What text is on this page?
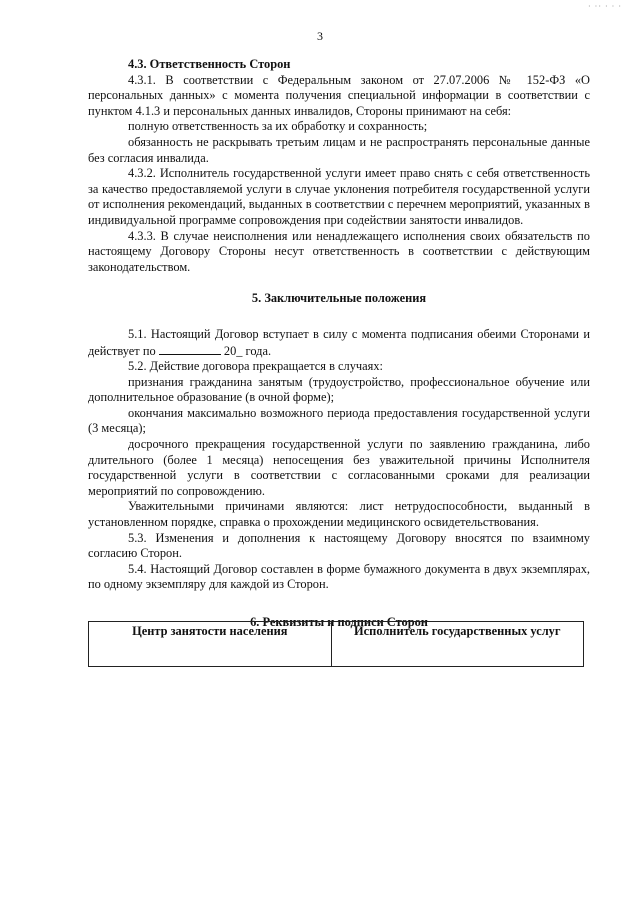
· ·· · · ·
3

4.3. Ответственность Сторон

4.3.1. В соответствии с Федеральным законом от 27.07.2006 № 152-ФЗ «О персональных данных» с момента получения специальной информации в соответствии с пунктом 4.1.3 и персональных данных инвалидов, Стороны принимают на себя:

полную ответственность за их обработку и сохранность;

обязанность не раскрывать третьим лицам и не распространять персональные данные без согласия инвалида.

4.3.2. Исполнитель государственной услуги имеет право снять с себя ответственность за качество предоставляемой услуги в случае уклонения потребителя государственной услуги от исполнения рекомендаций, выданных в соответствии с перечнем мероприятий, указанных в индивидуальной программе сопровождения при содействии занятости инвалидов.

4.3.3. В случае неисполнения или ненадлежащего исполнения своих обязательств по настоящему Договору Стороны несут ответственность в соответствии с действующим законодательством.

5. Заключительные положения

5.1. Настоящий Договор вступает в силу с момента подписания обеими Сторонами и действует по	20_ года.

5.2. Действие договора прекращается в случаях:

признания гражданина занятым (трудоустройство, профессиональное обучение или дополнительное образование (в очной форме);

окончания максимально возможного периода предоставления государственной услуги (3 месяца);

досрочного прекращения государственной услуги по заявлению гражданина, либо длительного (более 1 месяца) непосещения без уважительной причины Исполнителя государственной услуги в соответствии с согласованными сроками для реализации мероприятий по сопровождению.

Уважительными причинами являются: лист нетрудоспособности, выданный в установленном порядке, справка о прохождении медицинского освидетельствования.

5.3. Изменения и дополнения к настоящему Договору вносятся по взаимному согласию Сторон.

5.4. Настоящий Договор составлен в форме бумажного документа в двух экземплярах, по одному экземпляру для каждой из Сторон.

6. Реквизиты и подписи Сторон

Центр занятости населения	Исполнитель государственных услуг
